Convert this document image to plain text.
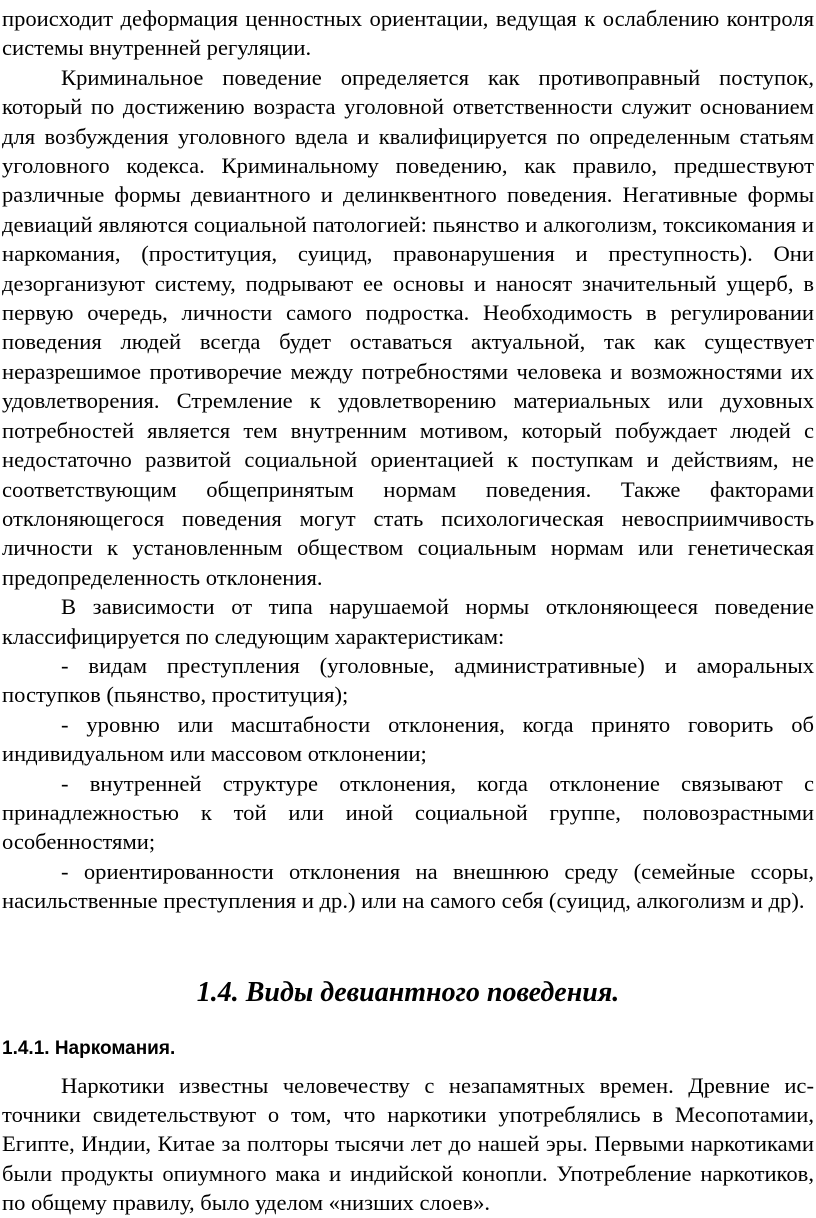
происходит деформация ценностных ориентации, ведущая к ослаблению контроля системы внутренней регуляции.

Криминальное поведение определяется как противоправный поступок, который по достижению возраста уголовной ответственности служит основанием для возбуждения уголовного вдела и квалифицируется по определенным статьям уголовного кодекса. Криминальному поведению, как правило, предшествуют различные формы девиантного и делинквентного поведения. Негативные формы девиаций являются социальной патологией: пьянство и алкоголизм, токсикомания и наркомания, (проституция, суицид, правонарушения и преступность). Они дезорганизуют систему, подрывают ее основы и наносят значительный ущерб, в первую очередь, личности самого подростка. Необходимость в регулировании поведения людей всегда будет оставаться актуальной, так как существует неразрешимое противоречие между потребностями человека и возможностями их удовлетворения. Стремление к удовлетворению материальных или духовных потребностей является тем внутренним мотивом, который побуждает людей с недостаточно развитой социальной ориентацией к поступкам и действиям, не соответствующим общепринятым нормам поведения. Также факторами отклоняющегося поведения могут стать психологическая невосприимчивость личности к установленным обществом социальным нормам или генетическая предопределенность отклонения.

В зависимости от типа нарушаемой нормы отклоняющееся поведение классифицируется по следующим характеристикам:

- видам преступления (уголовные, административные) и аморальных поступков (пьянство, проституция);

- уровню или масштабности отклонения, когда принято говорить об индивидуальном или массовом отклонении;

- внутренней структуре отклонения, когда отклонение связывают с принадлежностью к той или иной социальной группе, половозрастными особенностями;

- ориентированности отклонения на внешнюю среду (семейные ссоры, насильственные преступления и др.) или на самого себя (суицид, алкоголизм и др).

1.4. Виды девиантного поведения.
1.4.1. Наркомания.

Наркотики известны человечеству с незапамятных времен. Древние источники свидетельствуют о том, что наркотики употреблялись в Месопотамии, Египте, Индии, Китае за полторы тысячи лет до нашей эры. Первыми наркотиками были продукты опиумного мака и индийской конопли. Употребление наркотиков, по общему правилу, было уделом «низших слоев».
